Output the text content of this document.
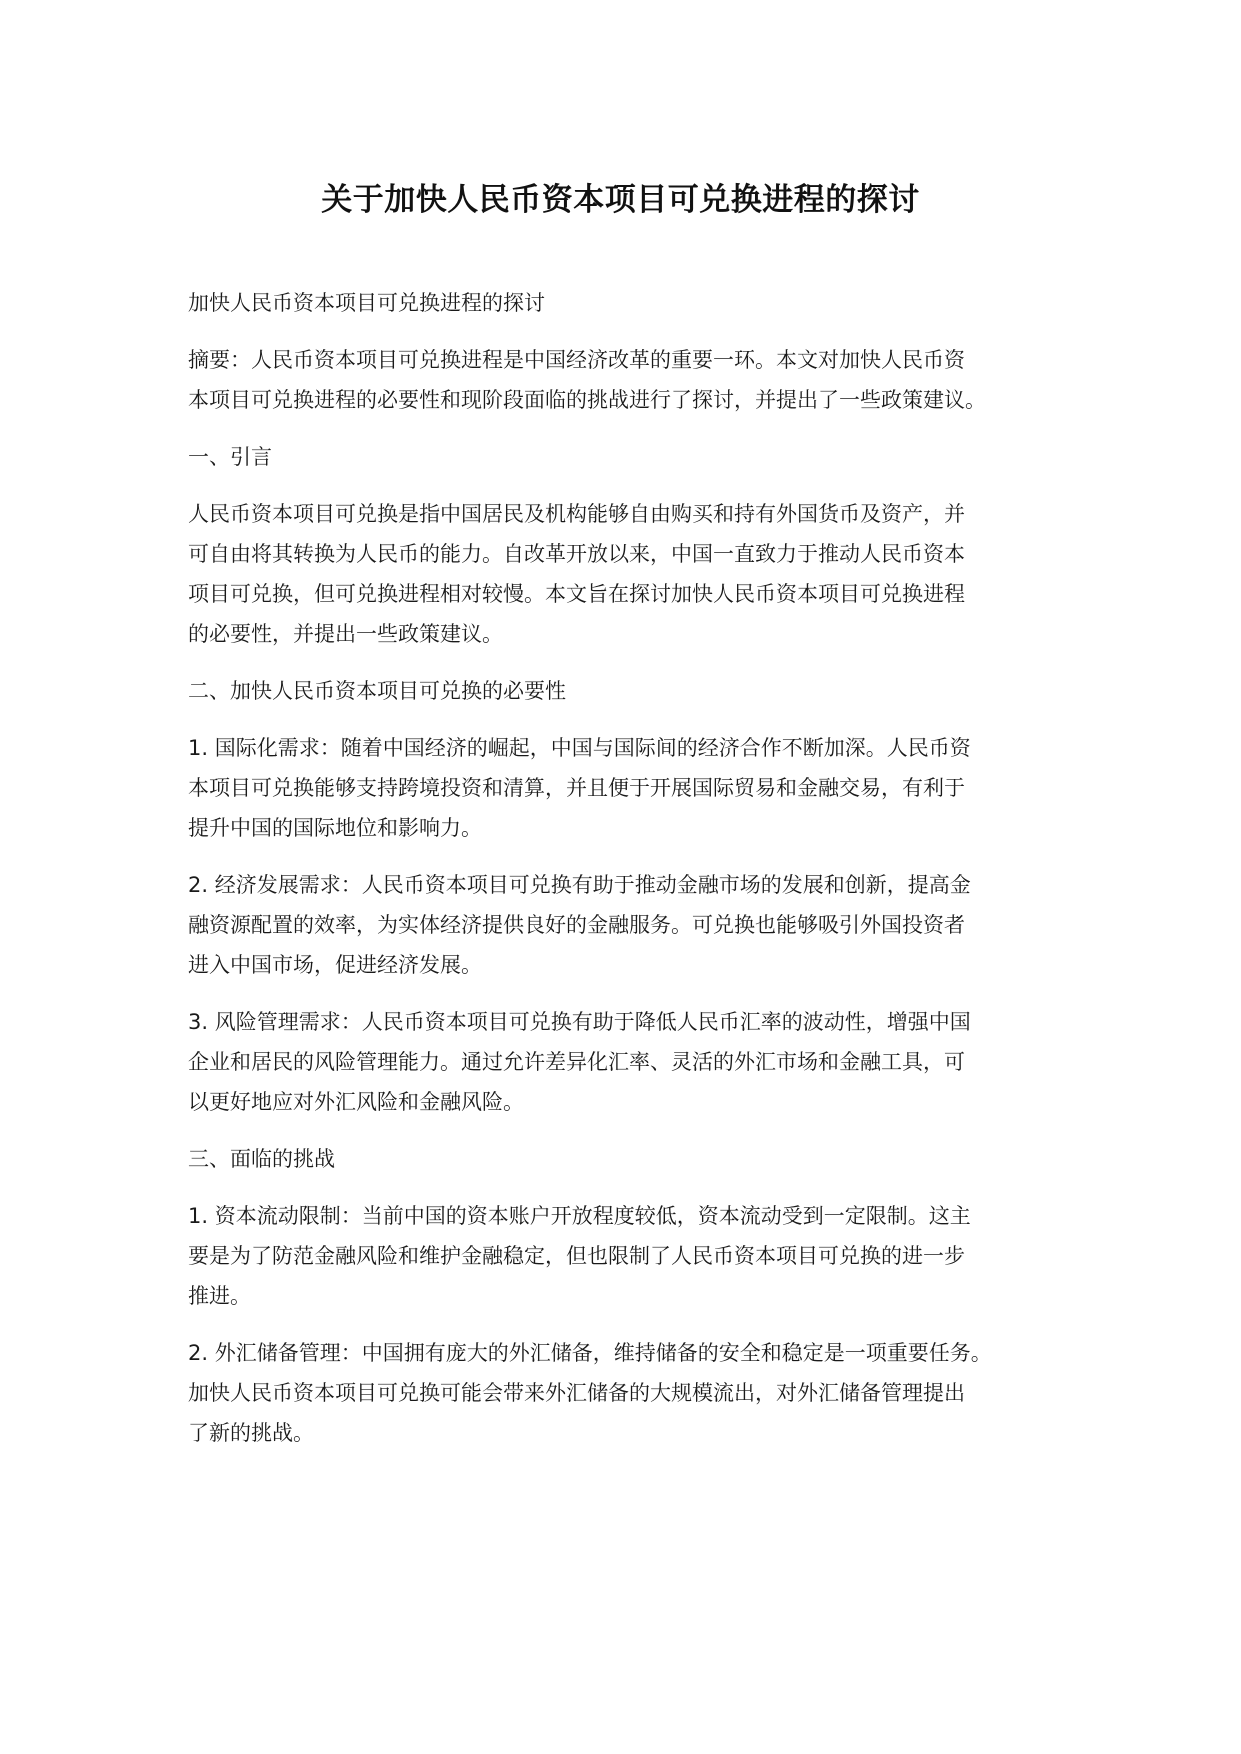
关于加快人民币资本项目可兑换进程的探讨

加快人民币资本项目可兑换进程的探讨

摘要：人民币资本项目可兑换进程是中国经济改革的重要一环。本文对加快人民币资
本项目可兑换进程的必要性和现阶段面临的挑战进行了探讨，并提出了一些政策建议。

一、引言

人民币资本项目可兑换是指中国居民及机构能够自由购买和持有外国货币及资产，并
可自由将其转换为人民币的能力。自改革开放以来，中国一直致力于推动人民币资本
项目可兑换，但可兑换进程相对较慢。本文旨在探讨加快人民币资本项目可兑换进程
的必要性，并提出一些政策建议。

二、加快人民币资本项目可兑换的必要性

1. 国际化需求：随着中国经济的崛起，中国与国际间的经济合作不断加深。人民币资
本项目可兑换能够支持跨境投资和清算，并且便于开展国际贸易和金融交易，有利于
提升中国的国际地位和影响力。

2. 经济发展需求：人民币资本项目可兑换有助于推动金融市场的发展和创新，提高金
融资源配置的效率，为实体经济提供良好的金融服务。可兑换也能够吸引外国投资者
进入中国市场，促进经济发展。

3. 风险管理需求：人民币资本项目可兑换有助于降低人民币汇率的波动性，增强中国
企业和居民的风险管理能力。通过允许差异化汇率、灵活的外汇市场和金融工具，可
以更好地应对外汇风险和金融风险。

三、面临的挑战

1. 资本流动限制：当前中国的资本账户开放程度较低，资本流动受到一定限制。这主
要是为了防范金融风险和维护金融稳定，但也限制了人民币资本项目可兑换的进一步
推进。

2. 外汇储备管理：中国拥有庞大的外汇储备，维持储备的安全和稳定是一项重要任务。
加快人民币资本项目可兑换可能会带来外汇储备的大规模流出，对外汇储备管理提出
了新的挑战。
